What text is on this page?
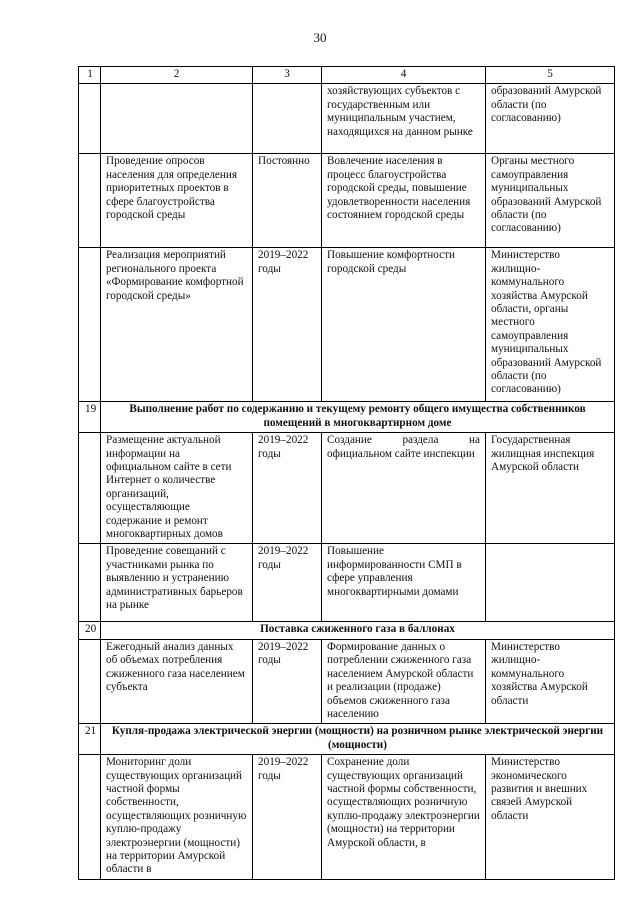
30
1	2	3	4	5
			хозяйствующих субъектов с государственным или муниципальным участием, находящихся на данном рынке	образований Амурской области (по согласованию)
	Проведение опросов населения для определения приоритетных проектов в сфере благоустройства городской среды	Постоянно	Вовлечение населения в процесс благоустройства городской среды, повышение удовлетворенности населения состоянием городской среды	Органы местного самоуправления муниципальных образований Амурской области (по согласованию)
	Реализация мероприятий регионального проекта «Формирование комфортной городской среды»	2019–2022 годы	Повышение комфортности городской среды	Министерство жилищно-коммунального хозяйства Амурской области, органы местного самоуправления муниципальных образований Амурской области (по согласованию)
19	Выполнение работ по содержанию и текущему ремонту общего имущества собственников помещений в многоквартирном доме			
	Размещение актуальной информации на официальном сайте в сети Интернет о количестве организаций, осуществляющие содержание и ремонт многоквартирных домов	2019–2022 годы	Создание раздела на официальном сайте инспекции	Государственная жилищная инспекция Амурской области
	Проведение совещаний с участниками рынка по выявлению и устранению административных барьеров на рынке	2019–2022 годы	Повышение информированности СМП в сфере управления многоквартирными домами	
20	Поставка сжиженного газа в баллонах			
	Ежегодный анализ данных об объемах потребления сжиженного газа населением субъекта	2019–2022 годы	Формирование данных о потреблении сжиженного газа населением Амурской области и реализации (продаже) объемов сжиженного газа населению	Министерство жилищно-коммунального хозяйства Амурской области
21	Купля-продажа электрической энергии (мощности) на розничном рынке электрической энергии (мощности)			
	Мониторинг доли существующих организаций частной формы собственности, осуществляющих розничную куплю-продажу электроэнергии (мощности) на территории Амурской области в	2019–2022 годы	Сохранение доли существующих организаций частной формы собственности, осуществляющих розничную куплю-продажу электроэнергии (мощности) на территории Амурской области, в	Министерство экономического развития и внешних связей Амурской области
